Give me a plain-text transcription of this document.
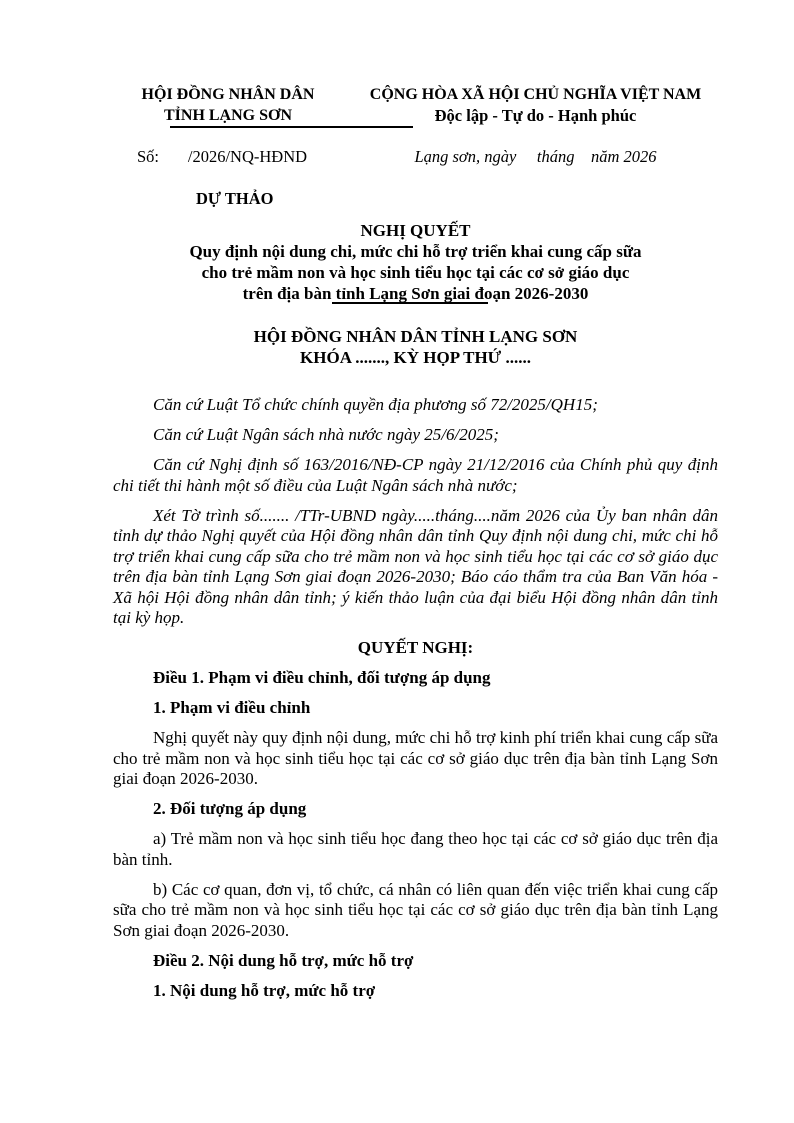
HỘI ĐỒNG NHÂN DÂN
TỈNH LẠNG SƠN
CỘNG HÒA XÃ HỘI CHỦ NGHĨA VIỆT NAM
Độc lập - Tự do - Hạnh phúc
Số:       /2026/NQ-HĐND	Lạng sơn, ngày     tháng    năm 2026
DỰ THẢO
NGHỊ QUYẾT
Quy định nội dung chi, mức chi hỗ trợ triển khai cung cấp sữa
cho trẻ mầm non và học sinh tiểu học tại các cơ sở giáo dục
trên địa bàn tỉnh Lạng Sơn giai đoạn 2026-2030
HỘI ĐỒNG NHÂN DÂN TỈNH LẠNG SƠN
KHÓA ......., KỲ HỌP THỨ ......

Căn cứ Luật Tổ chức chính quyền địa phương số 72/2025/QH15;

Căn cứ Luật Ngân sách nhà nước ngày 25/6/2025;

Căn cứ Nghị định số 163/2016/NĐ-CP ngày 21/12/2016 của Chính phủ quy định chi tiết thi hành một số điều của Luật Ngân sách nhà nước;

Xét Tờ trình số....... /TTr-UBND ngày.....tháng....năm 2026 của Ủy ban nhân dân tỉnh dự thảo Nghị quyết của Hội đồng nhân dân tỉnh Quy định nội dung chi, mức chi hỗ trợ triển khai cung cấp sữa cho trẻ mầm non và học sinh tiểu học tại các cơ sở giáo dục trên địa bàn tỉnh Lạng Sơn giai đoạn 2026-2030; Báo cáo thẩm tra của Ban Văn hóa - Xã hội Hội đồng nhân dân tỉnh; ý kiến thảo luận của đại biểu Hội đồng nhân dân tỉnh tại kỳ họp.

QUYẾT NGHỊ:

Điều 1. Phạm vi điều chỉnh, đối tượng áp dụng

1. Phạm vi điều chỉnh

Nghị quyết này quy định nội dung, mức chi hỗ trợ kinh phí triển khai cung cấp sữa cho trẻ mầm non và học sinh tiểu học tại các cơ sở giáo dục trên địa bàn tỉnh Lạng Sơn giai đoạn 2026-2030.

2. Đối tượng áp dụng

a) Trẻ mầm non và học sinh tiểu học đang theo học tại các cơ sở giáo dục trên địa bàn tỉnh.

b) Các cơ quan, đơn vị, tổ chức, cá nhân có liên quan đến việc triển khai cung cấp sữa cho trẻ mầm non và học sinh tiểu học tại các cơ sở giáo dục trên địa bàn tỉnh Lạng Sơn giai đoạn 2026-2030.

Điều 2. Nội dung hỗ trợ, mức hỗ trợ

1. Nội dung hỗ trợ, mức hỗ trợ
